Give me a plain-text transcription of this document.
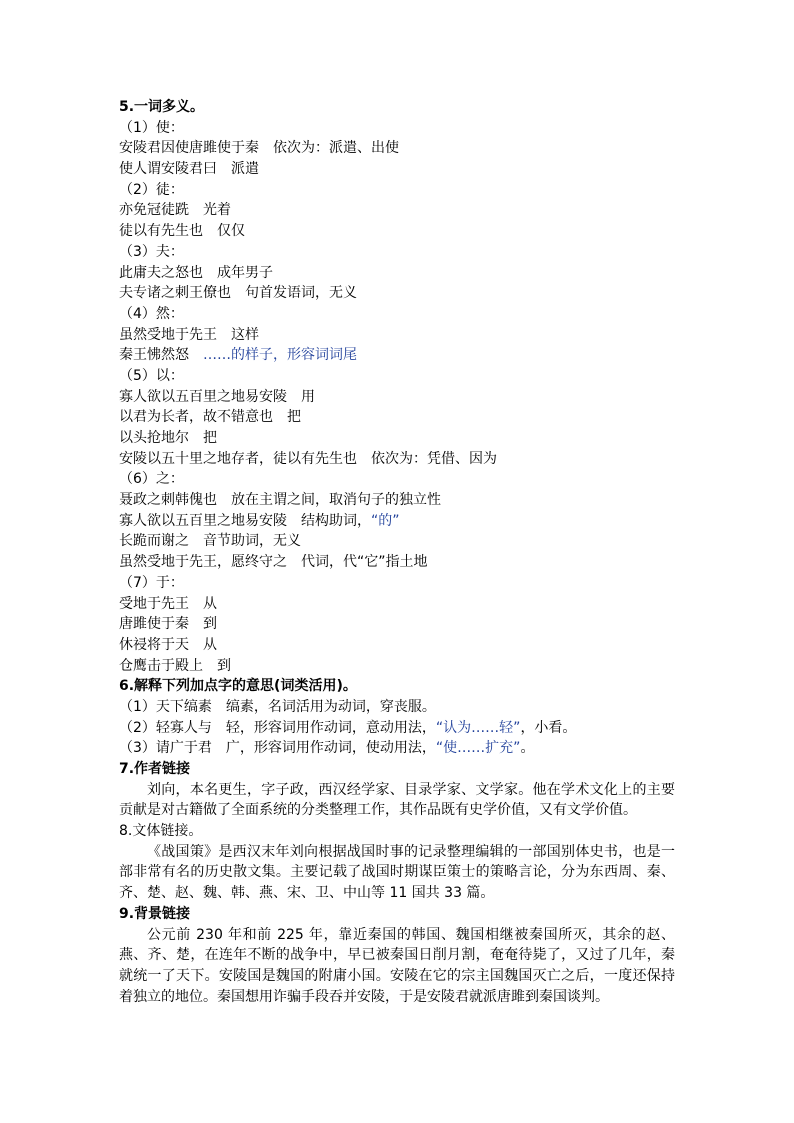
5.一词多义。
（1）使：
安陵君因使唐雎使于秦 依次为：派遣、出使
使人谓安陵君曰 派遣
（2）徒：
亦免冠徒跣 光着
徒以有先生也 仅仅
（3）夫：
此庸夫之怒也 成年男子
夫专诸之刺王僚也 句首发语词，无义
（4）然：
虽然受地于先王 这样
秦王怫然怒 ……的样子，形容词词尾
（5）以：
寡人欲以五百里之地易安陵 用
以君为长者，故不错意也 把
以头抢地尔 把
安陵以五十里之地存者，徒以有先生也 依次为：凭借、因为
（6）之：
聂政之刺韩傀也 放在主谓之间，取消句子的独立性
寡人欲以五百里之地易安陵 结构助词，“的”
长跪而谢之 音节助词，无义
虽然受地于先王，愿终守之 代词，代“它”指土地
（7）于：
受地于先王 从
唐雎使于秦 到
休祲将于天 从
仓鹰击于殿上 到
6.解释下列加点字的意思(词类活用)。
（1）天下缟素 缟素，名词活用为动词，穿丧服。
（2）轻寡人与 轻，形容词用作动词，意动用法，“认为……轻”，小看。
（3）请广于君 广，形容词用作动词，使动用法，“使……扩充”。
7.作者链接
刘向，本名更生，字子政，西汉经学家、目录学家、文学家。他在学术文化上的主要贡献是对古籍做了全面系统的分类整理工作，其作品既有史学价值，又有文学价值。
8.文体链接。
《战国策》是西汉末年刘向根据战国时事的记录整理编辑的一部国别体史书，也是一部非常有名的历史散文集。主要记载了战国时期谋臣策士的策略言论，分为东西周、秦、齐、楚、赵、魏、韩、燕、宋、卫、中山等 11 国共 33 篇。
9.背景链接
公元前 230 年和前 225 年，靠近秦国的韩国、魏国相继被秦国所灭，其余的赵、燕、齐、楚，在连年不断的战争中，早已被秦国日削月割，奄奄待毙了，又过了几年，秦就统一了天下。安陵国是魏国的附庸小国。安陵在它的宗主国魏国灭亡之后，一度还保持着独立的地位。秦国想用诈骗手段吞并安陵，于是安陵君就派唐雎到秦国谈判。
